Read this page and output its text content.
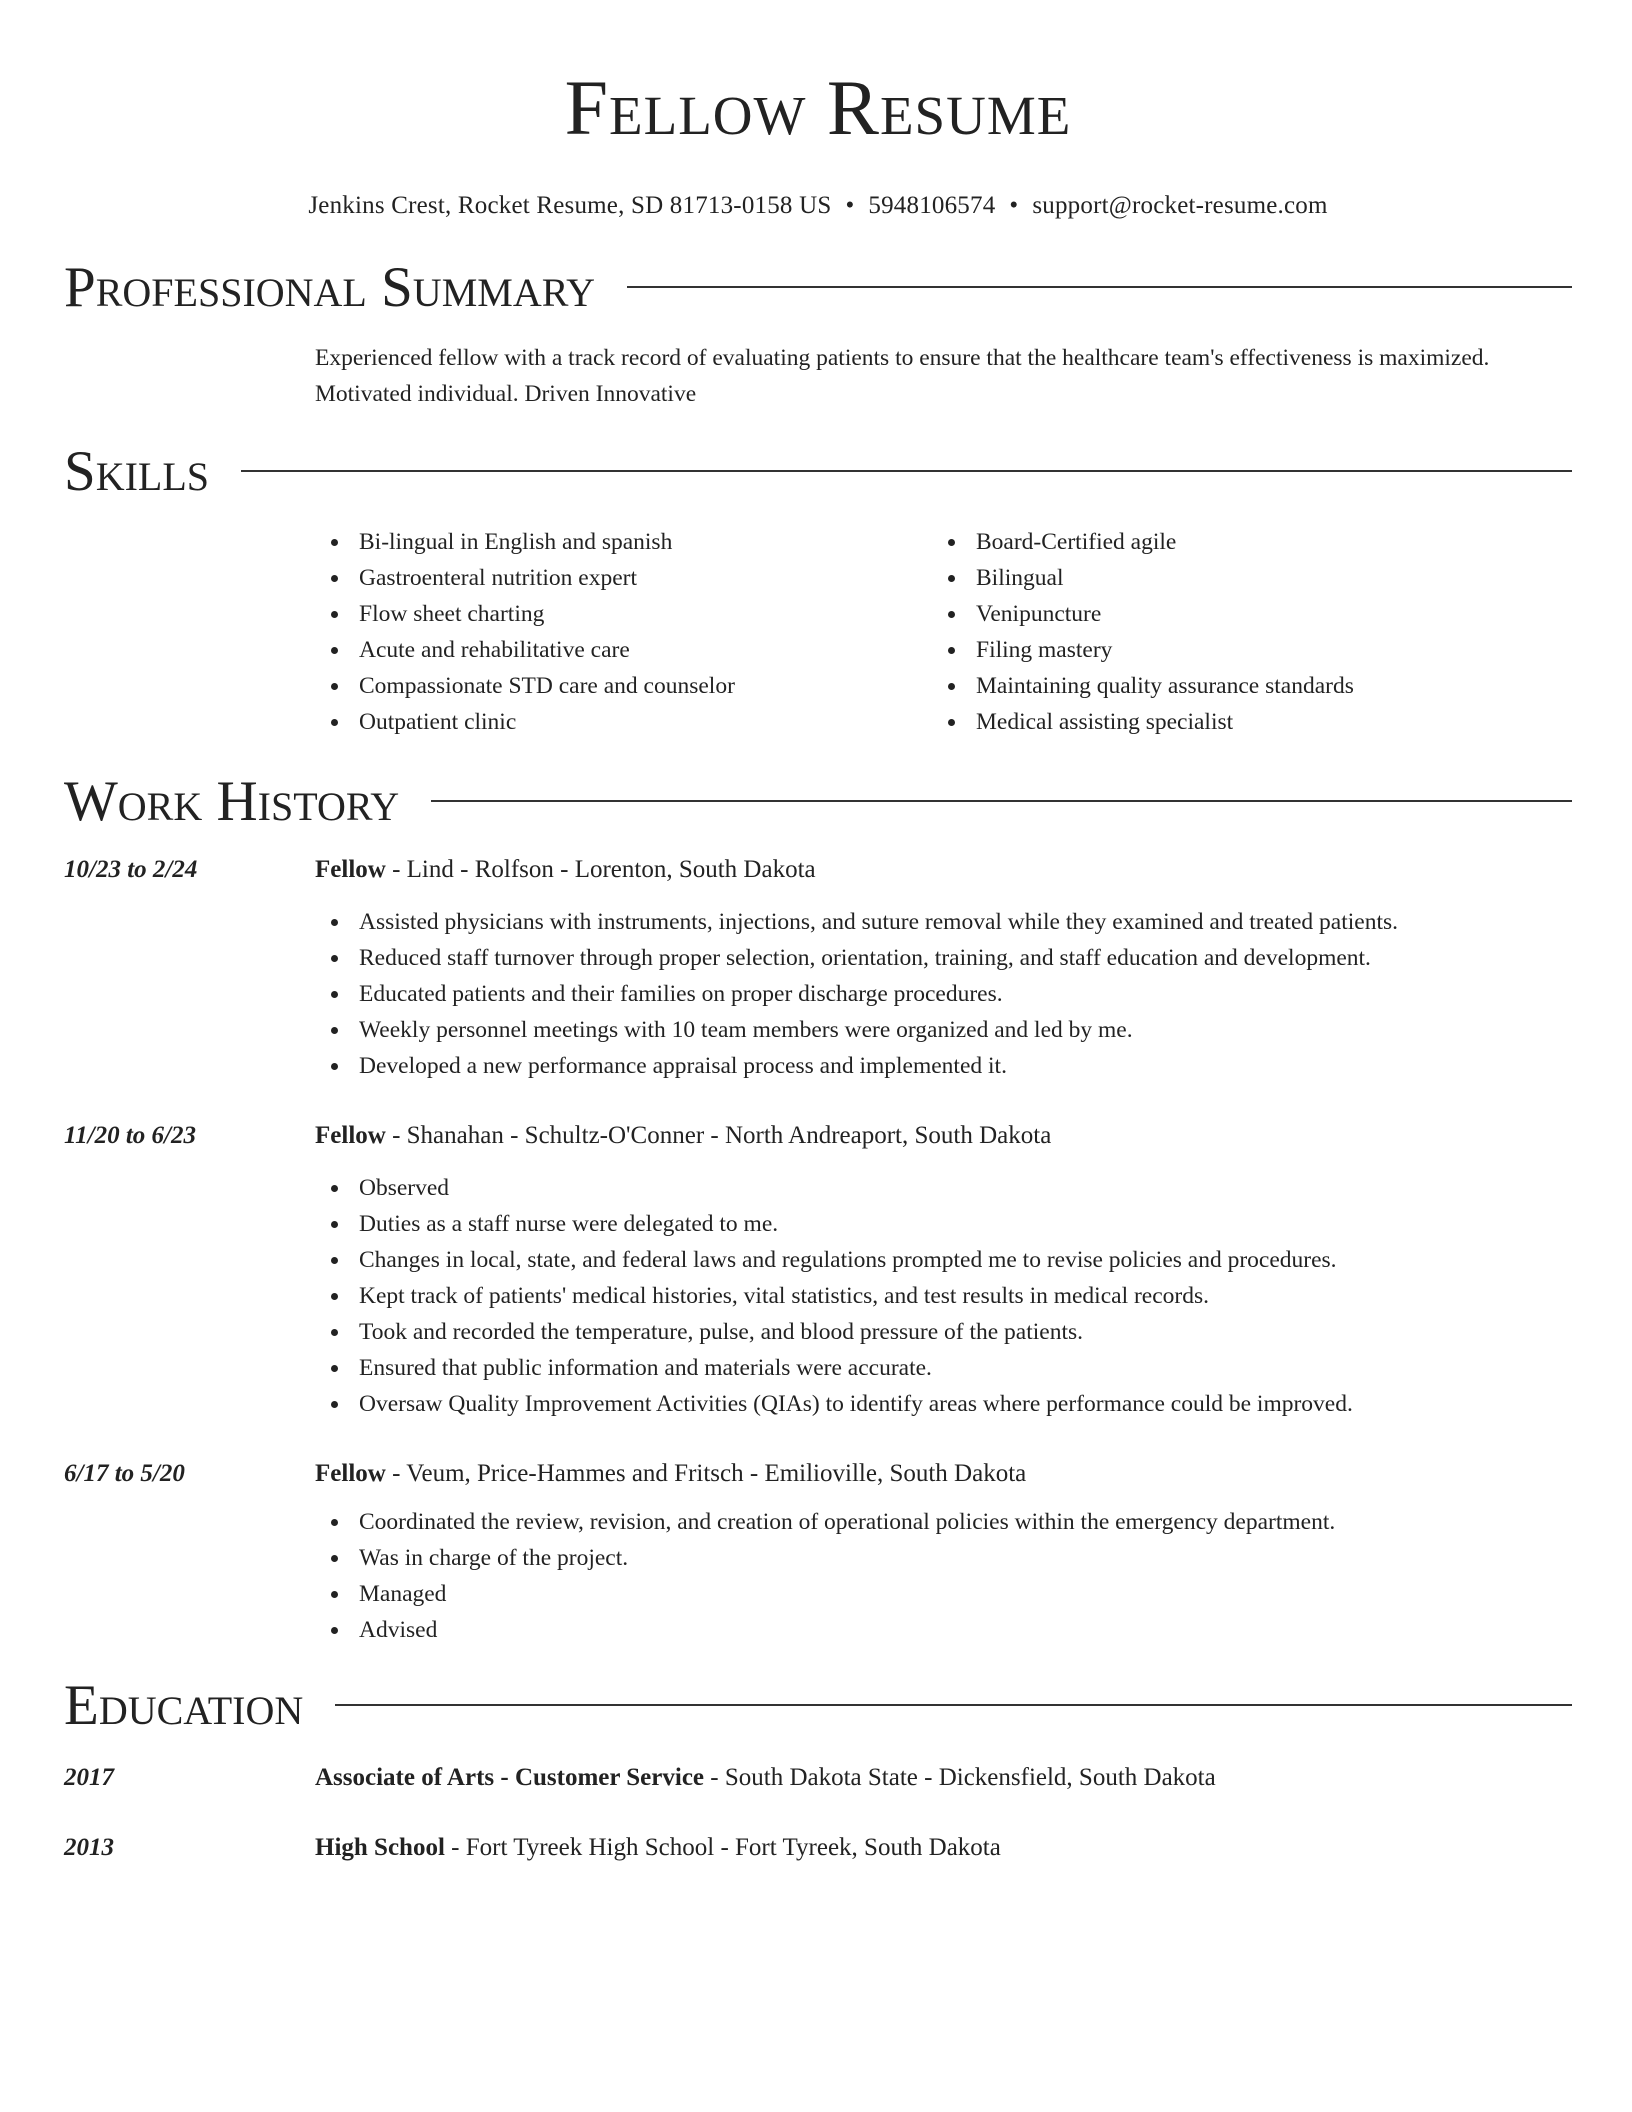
Fellow Resume
Jenkins Crest, Rocket Resume, SD 81713-0158 US • 5948106574 • support@rocket-resume.com
Professional Summary
Experienced fellow with a track record of evaluating patients to ensure that the healthcare team's effectiveness is maximized. Motivated individual. Driven Innovative
Skills
Bi-lingual in English and spanish
Gastroenteral nutrition expert
Flow sheet charting
Acute and rehabilitative care
Compassionate STD care and counselor
Outpatient clinic
Board-Certified agile
Bilingual
Venipuncture
Filing mastery
Maintaining quality assurance standards
Medical assisting specialist
Work History
10/23 to 2/24	Fellow - Lind - Rolfson - Lorenton, South Dakota
Assisted physicians with instruments, injections, and suture removal while they examined and treated patients.
Reduced staff turnover through proper selection, orientation, training, and staff education and development.
Educated patients and their families on proper discharge procedures.
Weekly personnel meetings with 10 team members were organized and led by me.
Developed a new performance appraisal process and implemented it.
11/20 to 6/23	Fellow - Shanahan - Schultz-O'Conner - North Andreaport, South Dakota
Observed
Duties as a staff nurse were delegated to me.
Changes in local, state, and federal laws and regulations prompted me to revise policies and procedures.
Kept track of patients' medical histories, vital statistics, and test results in medical records.
Took and recorded the temperature, pulse, and blood pressure of the patients.
Ensured that public information and materials were accurate.
Oversaw Quality Improvement Activities (QIAs) to identify areas where performance could be improved.
6/17 to 5/20	Fellow - Veum, Price-Hammes and Fritsch - Emilioville, South Dakota
Coordinated the review, revision, and creation of operational policies within the emergency department.
Was in charge of the project.
Managed
Advised
Education
2017	Associate of Arts - Customer Service - South Dakota State - Dickensfield, South Dakota
2013	High School - Fort Tyreek High School - Fort Tyreek, South Dakota
